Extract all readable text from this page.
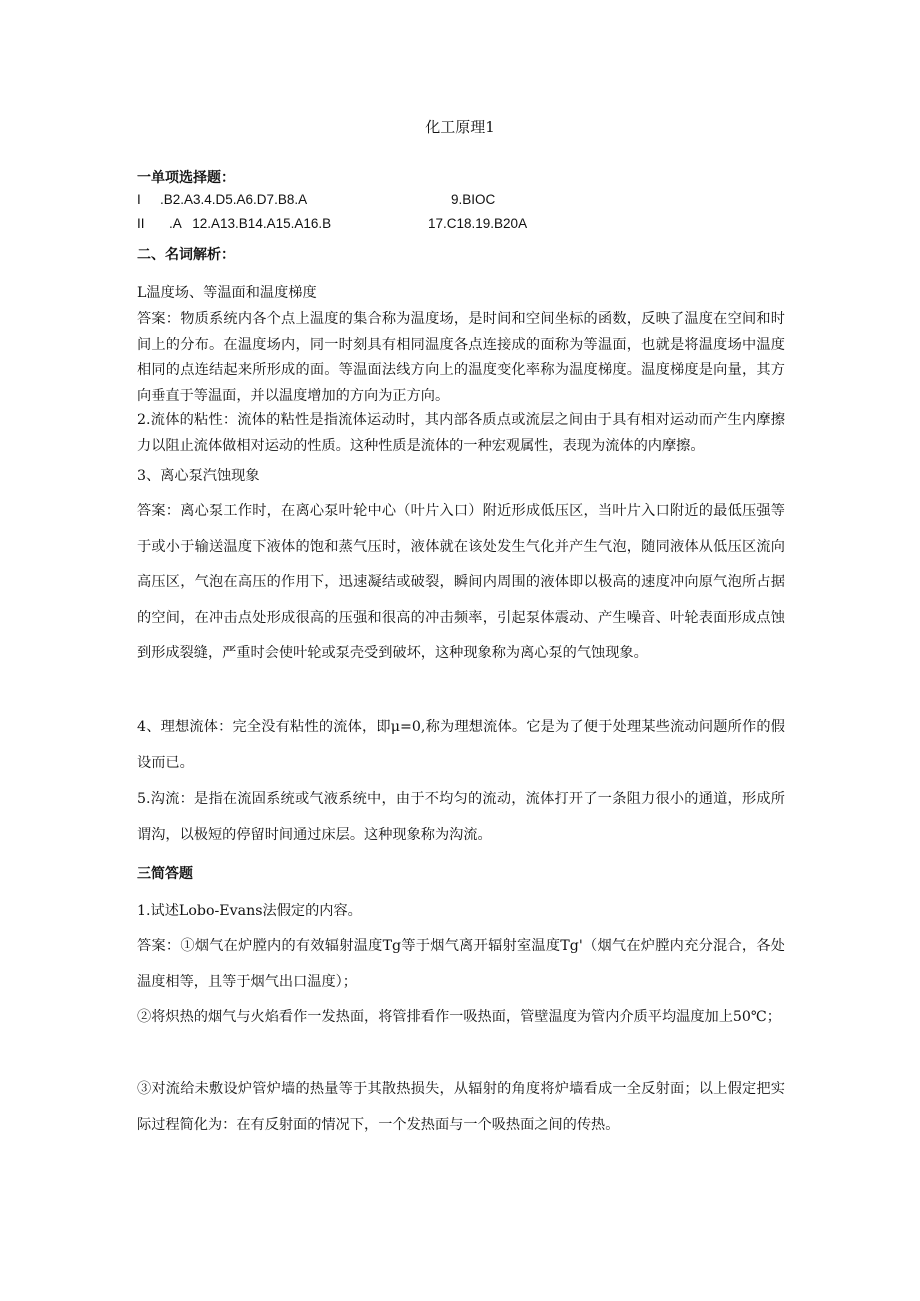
化工原理1
一单项选择题：
I .B2.A3.4.D5.A6.D7.B8.A	9.BIOC
II .A   12.A13.B14.A15.A16.B	17.C18.19.B20A
二、名词解析：
L温度场、等温面和温度梯度
答案：物质系统内各个点上温度的集合称为温度场，是时间和空间坐标的函数，反映了温度在空间和时间上的分布。在温度场内，同一时刻具有相同温度各点连接成的面称为等温面，也就是将温度场中温度相同的点连结起来所形成的面。等温面法线方向上的温度变化率称为温度梯度。温度梯度是向量，其方向垂直于等温面，并以温度增加的方向为正方向。
2.流体的粘性：流体的粘性是指流体运动时，其内部各质点或流层之间由于具有相对运动而产生内摩擦力以阻止流体做相对运动的性质。这种性质是流体的一种宏观属性，表现为流体的内摩擦。
3、离心泵汽蚀现象
答案：离心泵工作时，在离心泵叶轮中心（叶片入口）附近形成低压区，当叶片入口附近的最低压强等于或小于输送温度下液体的饱和蒸气压时，液体就在该处发生气化并产生气泡，随同液体从低压区流向高压区，气泡在高压的作用下，迅速凝结或破裂，瞬间内周围的液体即以极高的速度冲向原气泡所占据的空间，在冲击点处形成很高的压强和很高的冲击频率，引起泵体震动、产生噪音、叶轮表面形成点蚀到形成裂缝，严重时会使叶轮或泵壳受到破坏，这种现象称为离心泵的气蚀现象。
4、理想流体：完全没有粘性的流体，即μ=0,称为理想流体。它是为了便于处理某些流动问题所作的假设而已。
5.沟流：是指在流固系统或气液系统中，由于不均匀的流动，流体打开了一条阻力很小的通道，形成所谓沟，以极短的停留时间通过床层。这种现象称为沟流。
三简答题
1.试述Lobo-Evans法假定的内容。
答案：①烟气在炉膛内的有效辐射温度Tg等于烟气离开辐射室温度Tg'（烟气在炉膛内充分混合，各处温度相等，且等于烟气出口温度）；
②将炽热的烟气与火焰看作一发热面，将管排看作一吸热面，管壁温度为管内介质平均温度加上50℃；
③对流给未敷设炉管炉墙的热量等于其散热损失，从辐射的角度将炉墙看成一全反射面；以上假定把实际过程简化为：在有反射面的情况下，一个发热面与一个吸热面之间的传热。
